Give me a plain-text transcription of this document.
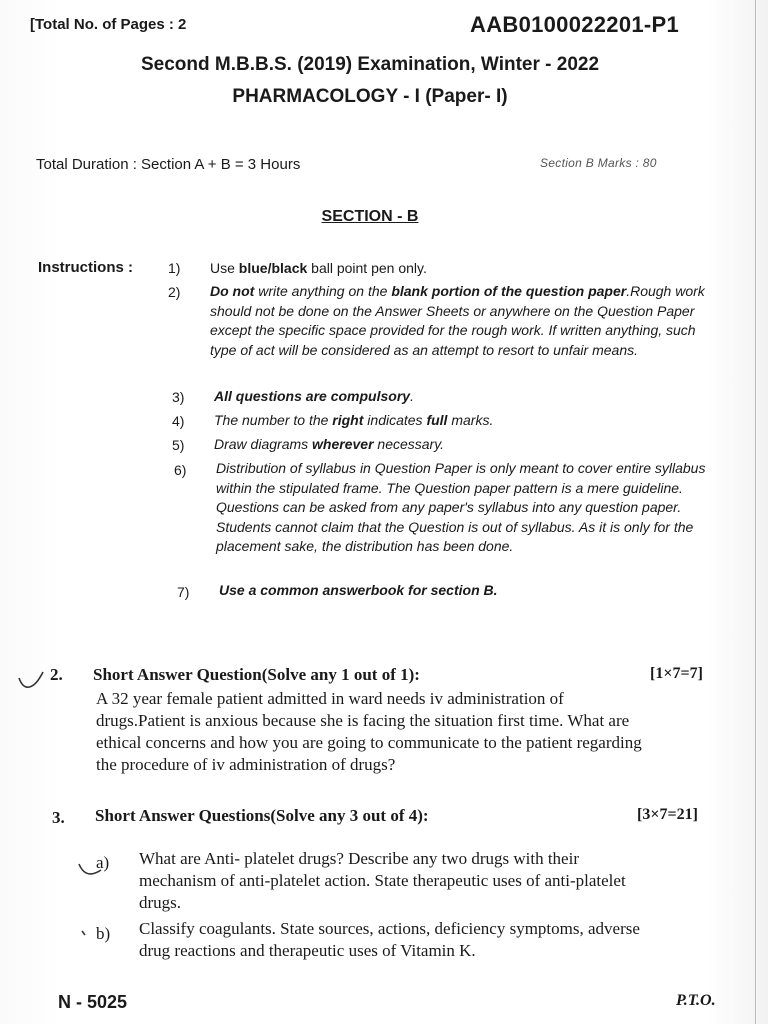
[Total No. of Pages : 2	AAB0100022201-P1
Second M.B.B.S. (2019) Examination, Winter - 2022
PHARMACOLOGY - I (Paper- I)
Total Duration : Section A + B = 3 Hours	Section B Marks : 80
SECTION - B
Instructions : 1)	Use blue/black ball point pen only.
2)	Do not write anything on the blank portion of the question paper.Rough work should not be done on the Answer Sheets or anywhere on the Question Paper except the specific space provided for the rough work. If written anything, such type of act will be considered as an attempt to resort to unfair means.
3)	All questions are compulsory.
4)	The number to the right indicates full marks.
5)	Draw diagrams wherever necessary.
6)	Distribution of syllabus in Question Paper is only meant to cover entire syllabus within the stipulated frame. The Question paper pattern is a mere guideline. Questions can be asked from any paper's syllabus into any question paper. Students cannot claim that the Question is out of syllabus. As it is only for the placement sake, the distribution has been done.
7)	Use a common answerbook for section B.
2. Short Answer Question(Solve any 1 out of 1):	[1×7=7]
A 32 year female patient admitted in ward needs iv administration of
drugs.Patient is anxious because she is facing the situation first time. What are
ethical concerns and how you are going to communicate to the patient regarding
the procedure of iv administration of drugs?
3. Short Answer Questions(Solve any 3 out of 4):	[3×7=21]
a) What are Anti- platelet drugs? Describe any two drugs with their
mechanism of anti-platelet action. State therapeutic uses of anti-platelet
drugs.
b) Classify coagulants. State sources, actions, deficiency symptoms, adverse
drug reactions and therapeutic uses of Vitamin K.
N - 5025	P.T.O.
